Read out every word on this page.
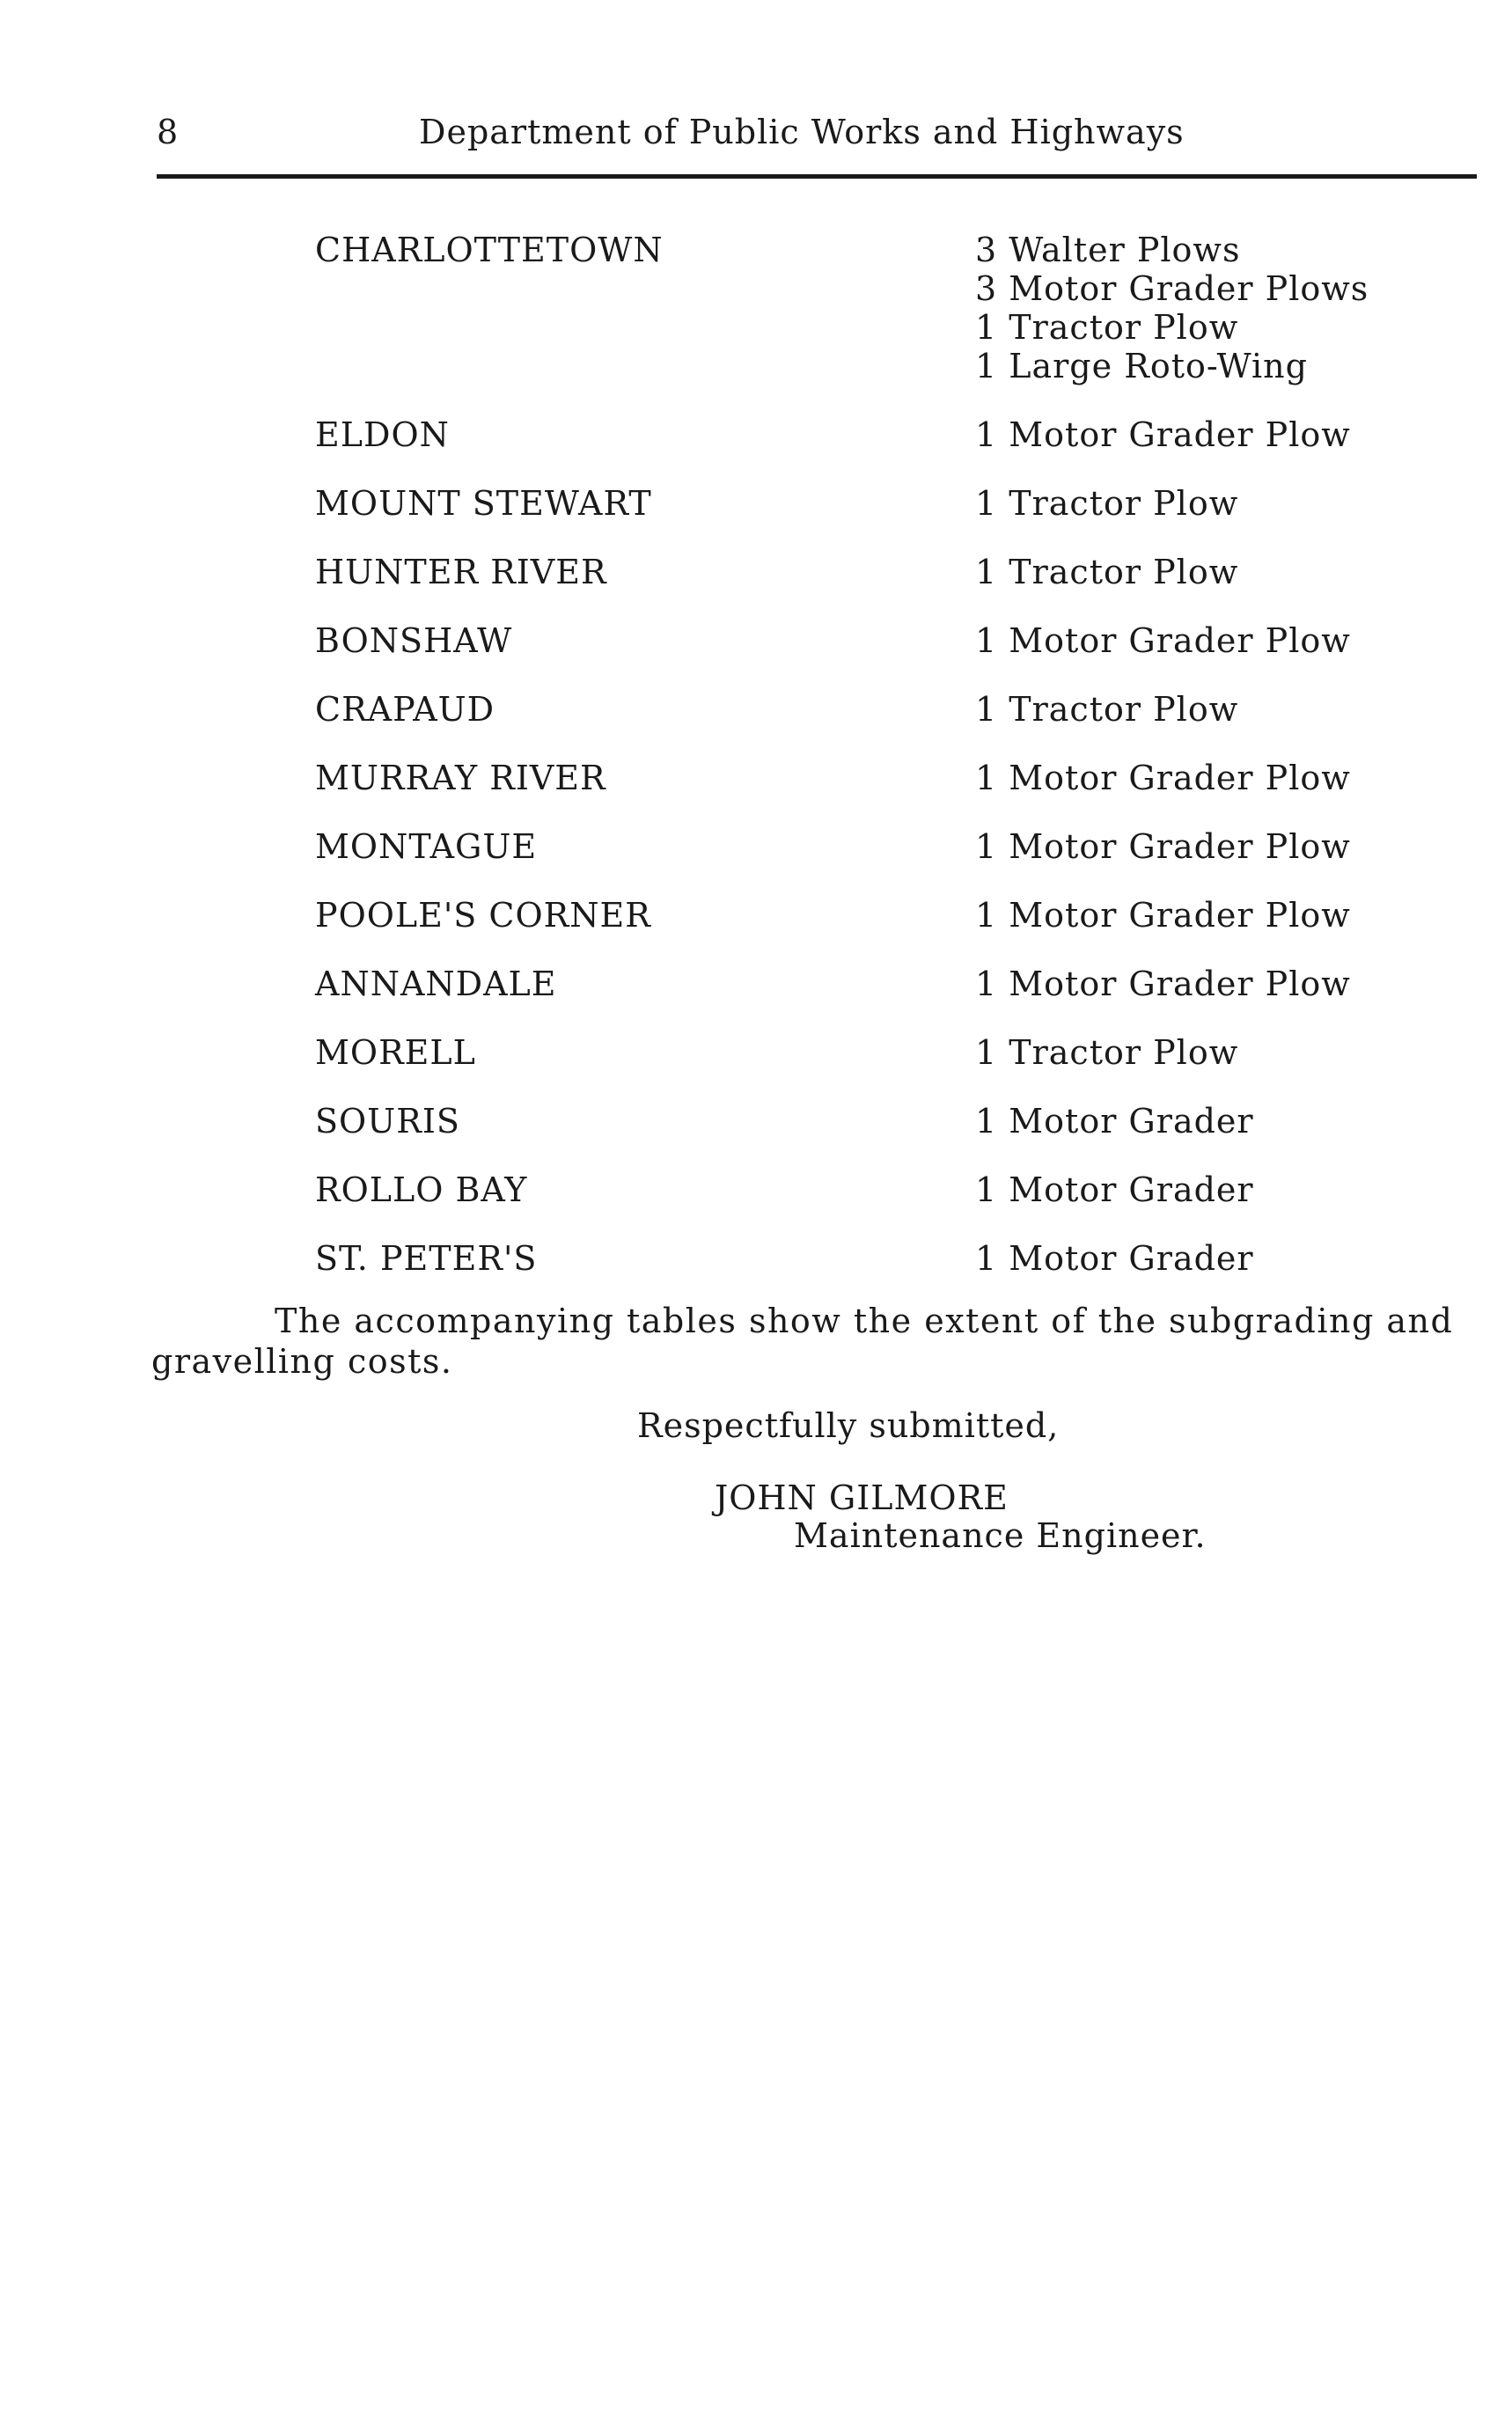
8	Department of Public Works and Highways
CHARLOTTETOWN	3 Walter Plows
3 Motor Grader Plows
1 Tractor Plow
1 Large Roto-Wing
ELDON	1 Motor Grader Plow
MOUNT STEWART	1 Tractor Plow
HUNTER RIVER	1 Tractor Plow
BONSHAW	1 Motor Grader Plow
CRAPAUD	1 Tractor Plow
MURRAY RIVER	1 Motor Grader Plow
MONTAGUE	1 Motor Grader Plow
POOLE'S CORNER	1 Motor Grader Plow
ANNANDALE	1 Motor Grader Plow
MORELL	1 Tractor Plow
SOURIS	1 Motor Grader
ROLLO BAY	1 Motor Grader
ST. PETER'S	1 Motor Grader

The accompanying tables show the extent of the subgrading and gravelling costs.

Respectfully submitted,
JOHN GILMORE
Maintenance Engineer.
